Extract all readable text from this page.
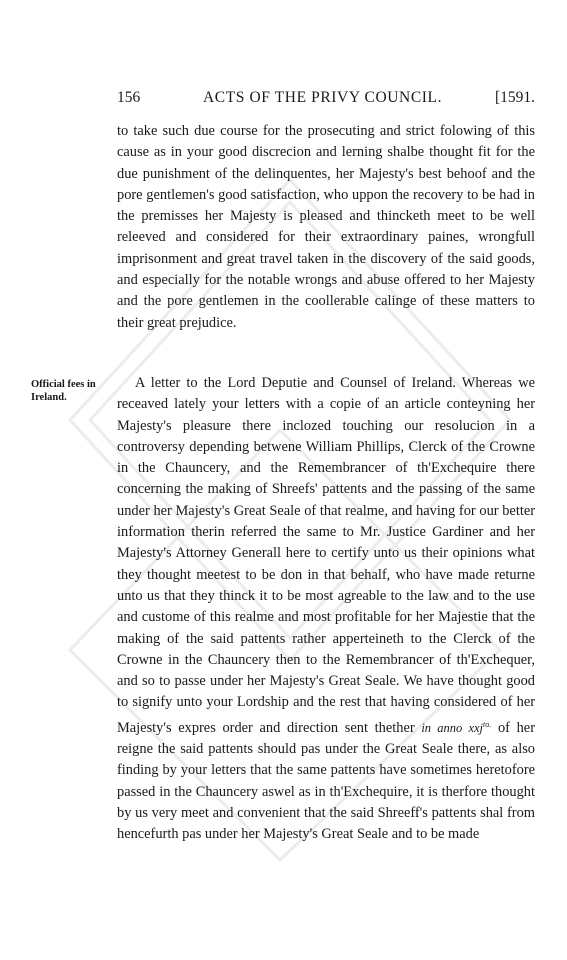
156	ACTS OF THE PRIVY COUNCIL.	[1591.

to take such due course for the prosecuting and strict folowing of this cause as in your good discrecion and lerning shalbe thought fit for the due punishment of the delinquentes, her Majesty's best behoof and the pore gentlemen's good satisfaction, who uppon the recovery to be had in the premisses her Majesty is pleased and thincketh meet to be well releeved and considered for their extraordinary paines, wrongfull imprisonment and great travel taken in the discovery of the said goods, and especially for the notable wrongs and abuse offered to her Majesty and the pore gentlemen in the coollerable calinge of these matters to their great prejudice.

Official fees in Ireland.

A letter to the Lord Deputie and Counsel of Ireland. Whereas we receaved lately your letters with a copie of an article conteyning her Majesty's pleasure there inclozed touching our resolucion in a controversy depending betwene William Phillips, Clerck of the Crowne in the Chauncery, and the Remembrancer of th'Exchequire there concerning the making of Shreefs' pattents and the passing of the same under her Majesty's Great Seale of that realme, and having for our better information therin referred the same to Mr. Justice Gardiner and her Majesty's Attorney Generall here to certify unto us their opinions what they thought meetest to be don in that behalf, who have made returne unto us that they thinck it to be most agreable to the law and to the use and custome of this realme and most profitable for her Majestie that the making of the said pattents rather apperteineth to the Clerck of the Crowne in the Chauncery then to the Remembrancer of th'Exchequer, and so to passe under her Majesty's Great Seale. We have thought good to signify unto your Lordship and the rest that having considered of her Majesty's expres order and direction sent thether in anno xxj$^{to.}$ of her reigne the said pattents should pas under the Great Seale there, as also finding by your letters that the same pattents have sometimes heretofore passed in the Chauncery aswel as in th'Exchequire, it is therfore thought by us very meet and convenient that the said Shreeff's pattents shal from hencefurth pas under her Majesty's Great Seale and to be made
